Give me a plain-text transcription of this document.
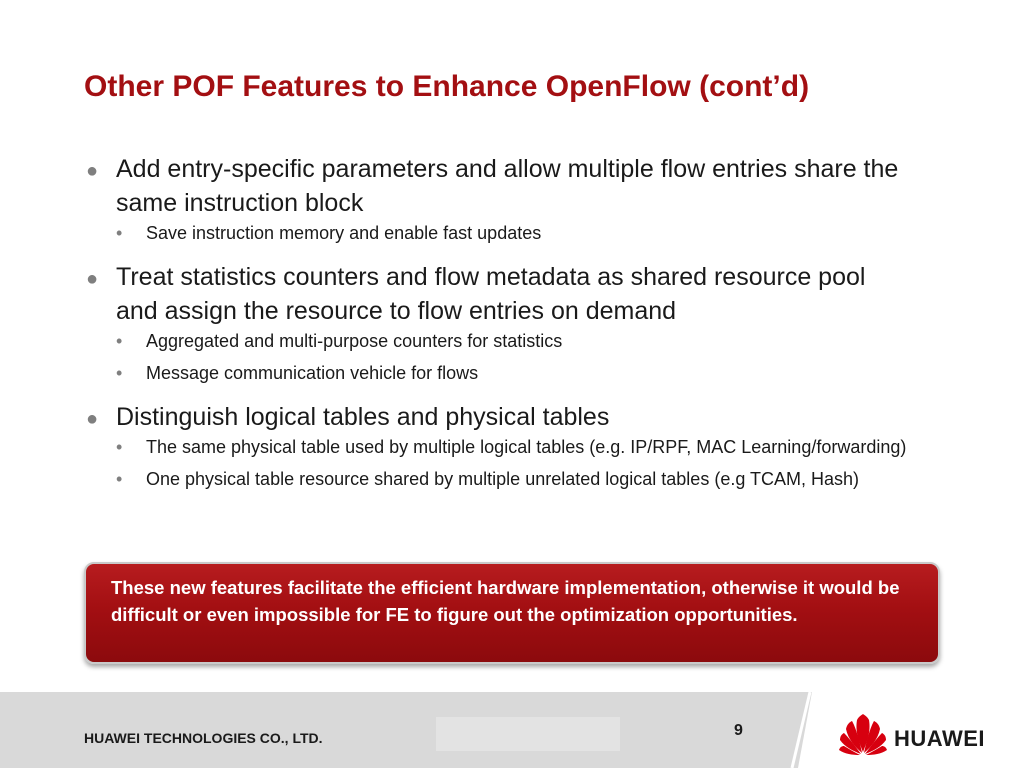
Other POF Features to Enhance OpenFlow (cont’d)
● Add entry-specific parameters and allow multiple flow entries share the same instruction block
• Save instruction memory and enable fast updates
● Treat statistics counters and flow metadata as shared resource pool and assign the resource to flow entries on demand
• Aggregated and multi-purpose counters for statistics
• Message communication vehicle for flows
● Distinguish logical tables and physical tables
• The same physical table used by multiple logical tables (e.g. IP/RPF, MAC Learning/forwarding)
• One physical table resource shared by multiple unrelated logical tables (e.g TCAM, Hash)

These new features facilitate the efficient hardware implementation, otherwise it would be difficult or even impossible for FE to figure out the optimization opportunities.

HUAWEI TECHNOLOGIES CO., LTD.	9	HUAWEI
